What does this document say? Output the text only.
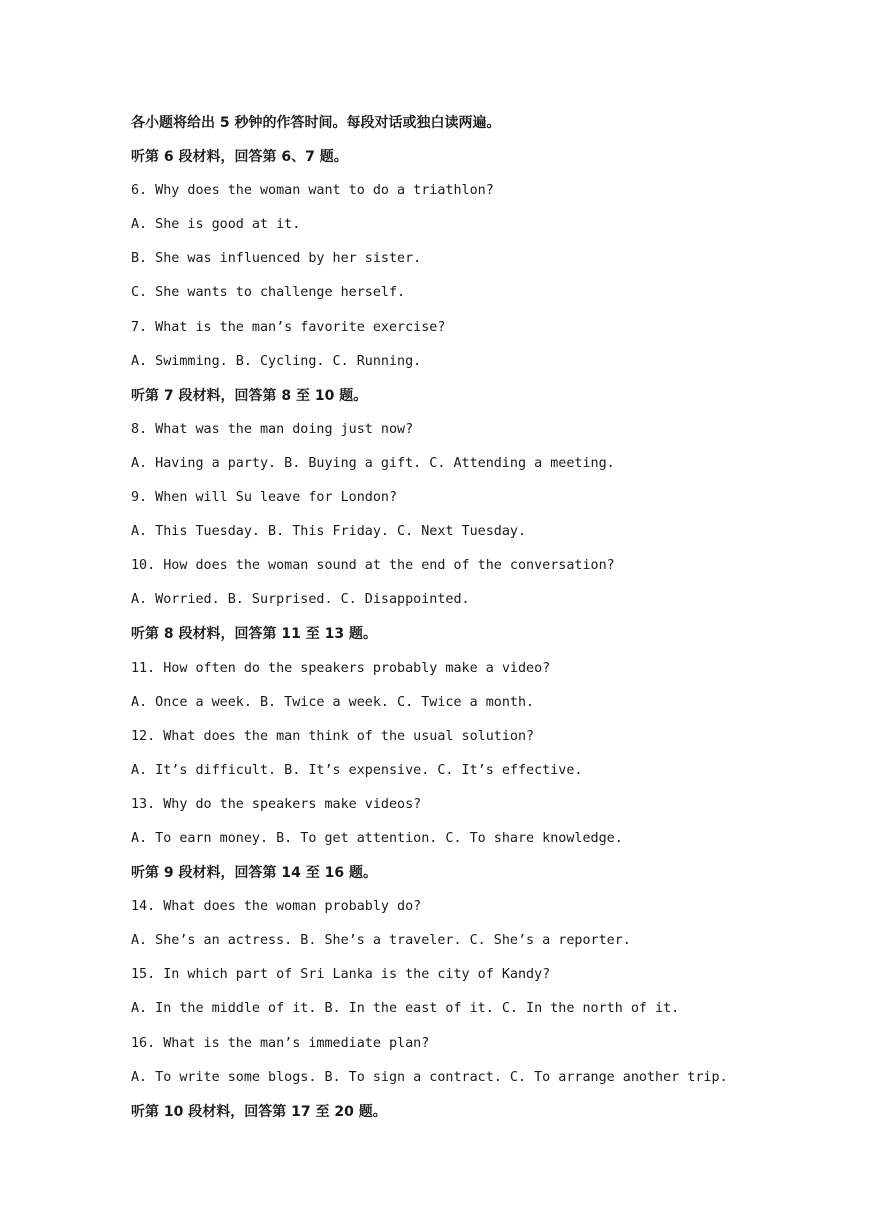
各小题将给出 5 秒钟的作答时间。每段对话或独白读两遍。
听第 6 段材料，回答第 6、7 题。
6. Why does the woman want to do a triathlon?
A. She is good at it.
B. She was influenced by her sister.
C. She wants to challenge herself.
7. What is the man’s favorite exercise?
A. Swimming. B. Cycling. C. Running.
听第 7 段材料，回答第 8 至 10 题。
8. What was the man doing just now?
A. Having a party. B. Buying a gift. C. Attending a meeting.
9. When will Su leave for London?
A. This Tuesday. B. This Friday. C. Next Tuesday.
10. How does the woman sound at the end of the conversation?
A. Worried. B. Surprised. C. Disappointed.
听第 8 段材料，回答第 11 至 13 题。
11. How often do the speakers probably make a video?
A. Once a week. B. Twice a week. C. Twice a month.
12. What does the man think of the usual solution?
A. It’s difficult. B. It’s expensive. C. It’s effective.
13. Why do the speakers make videos?
A. To earn money. B. To get attention. C. To share knowledge.
听第 9 段材料，回答第 14 至 16 题。
14. What does the woman probably do?
A. She’s an actress. B. She’s a traveler. C. She’s a reporter.
15. In which part of Sri Lanka is the city of Kandy?
A. In the middle of it. B. In the east of it. C. In the north of it.
16. What is the man’s immediate plan?
A. To write some blogs. B. To sign a contract. C. To arrange another trip.
听第 10 段材料，回答第 17 至 20 题。
